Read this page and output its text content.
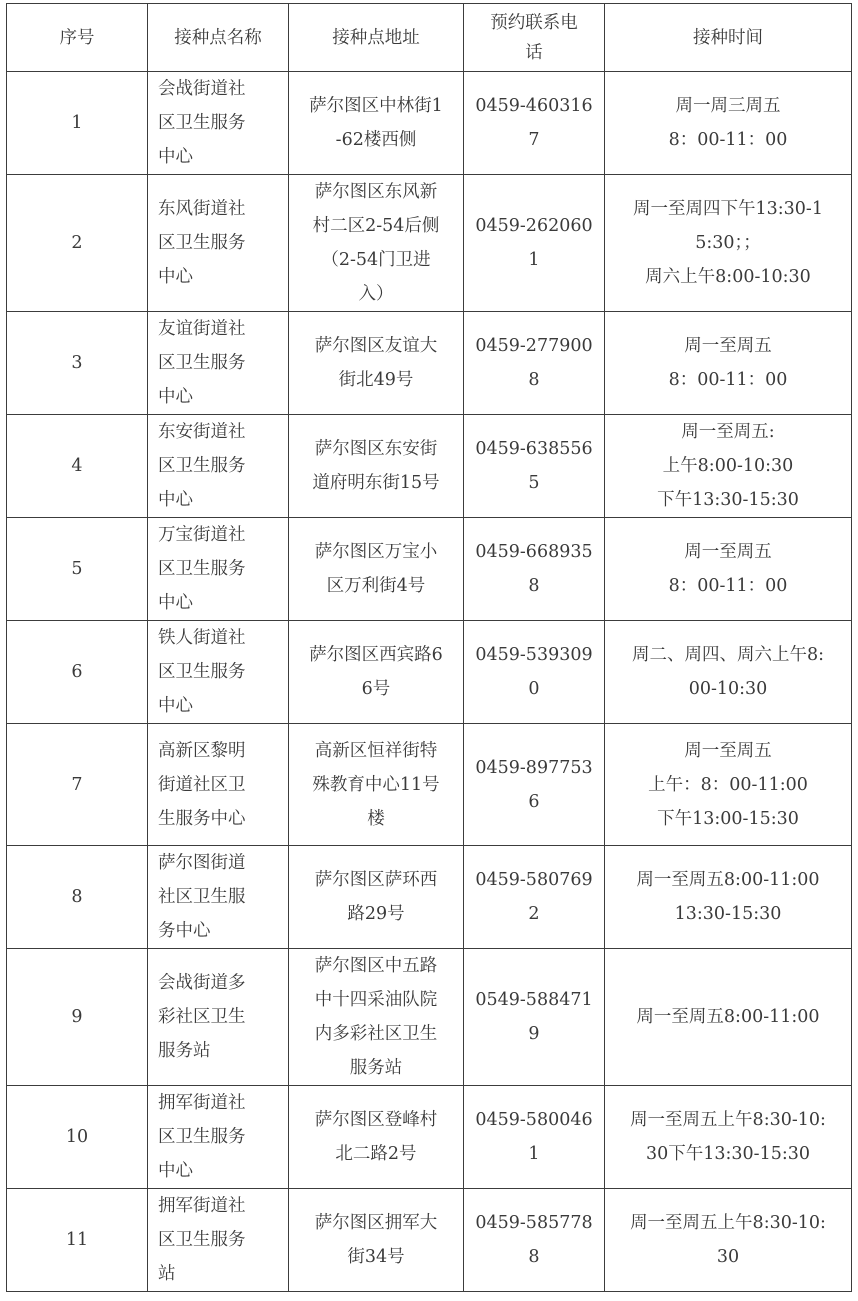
序号	接种点名称	接种点地址	预约联系电
话	接种时间
1	会战街道社
区卫生服务
中心	萨尔图区中林街1
-62楼西侧	0459-460316
7	周一周三周五
8：00-11：00

2	东风街道社
区卫生服务
中心	萨尔图区东风新
村二区2-54后侧
（2-54门卫进
入）	0459-262060
1	周一至周四下午13:30-1
5:30；；
周六上午8:00-10:30

3	友谊街道社
区卫生服务
中心	萨尔图区友谊大
街北49号	0459-277900
8	周一至周五
8：00-11：00

4	东安街道社
区卫生服务
中心	萨尔图区东安街
道府明东街15号	0459-638556
5	周一至周五:
上午8:00-10:30
下午13:30-15:30

5	万宝街道社
区卫生服务
中心	萨尔图区万宝小
区万利街4号	0459-668935
8	周一至周五
8：00-11：00

6	铁人街道社
区卫生服务
中心	萨尔图区西宾路6
6号	0459-539309
0	周二、周四、周六上午8:
00-10:30

7	高新区黎明
街道社区卫
生服务中心	高新区恒祥街特
殊教育中心11号
楼	0459-897753
6	周一至周五
上午：8：00-11:00
下午13:00-15:30

8	萨尔图街道
社区卫生服
务中心	萨尔图区萨环西
路29号	0459-580769
2	周一至周五8:00-11:00
13:30-15:30

9	会战街道多
彩社区卫生
服务站	萨尔图区中五路
中十四采油队院
内多彩社区卫生
服务站	0549-588471
9	周一至周五8:00-11:00

10	拥军街道社
区卫生服务
中心	萨尔图区登峰村
北二路2号	0459-580046
1	周一至周五上午8:30-10:
30下午13:30-15:30

11	拥军街道社
区卫生服务
站	萨尔图区拥军大
街34号	0459-585778
8	周一至周五上午8:30-10:
30
